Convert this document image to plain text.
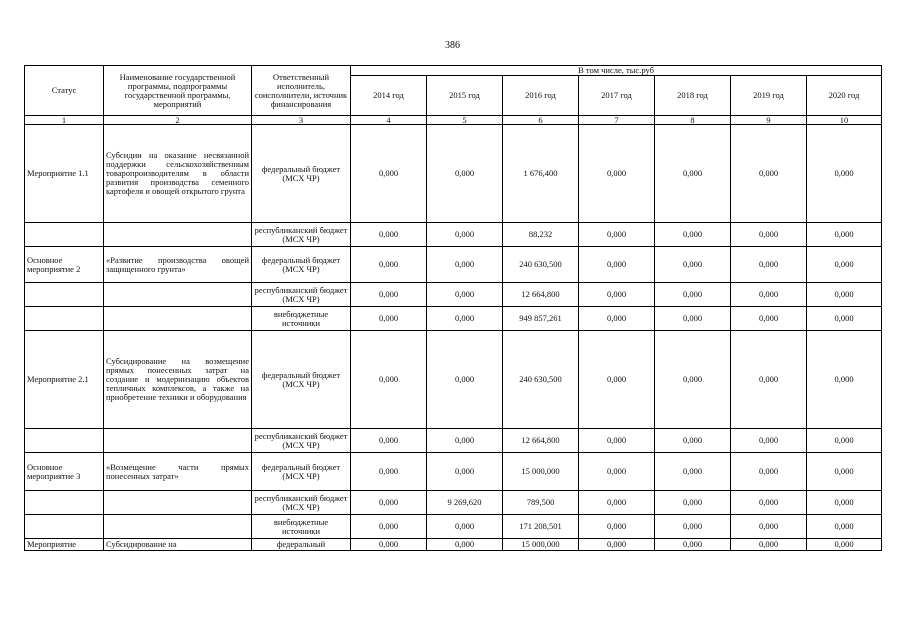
386
Статус	Наименование государственной программы, подпрограммы государственной программы, мероприятий	Ответственный исполнитель, соисполнители, источник финансирования	В том числе, тыс.руб						
			2014 год	2015 год	2016 год	2017 год	2018 год	2019 год	2020 год
1	2	3	4	5	6	7	8	9	10
Мероприятие 1.1	Субсидии на оказание несвязанной поддержки сельскохозяйственным товаропроизводителям в области развития производства семенного картофеля и овощей открытого грунта	федеральный бюджет (МСХ ЧР)	0,000	0,000	1 676,400	0,000	0,000	0,000	0,000
		республиканский бюджет (МСХ ЧР)	0,000	0,000	88,232	0,000	0,000	0,000	0,000
Основное мероприятие 2	«Развитие производства овощей защищенного грунта»	федеральный бюджет (МСХ ЧР)	0,000	0,000	240 630,500	0,000	0,000	0,000	0,000
		республиканский бюджет (МСХ ЧР)	0,000	0,000	12 664,800	0,000	0,000	0,000	0,000
		внебюджетные источники	0,000	0,000	949 857,261	0,000	0,000	0,000	0,000
Мероприятие 2.1	Субсидирование на возмещение прямых понесенных затрат на создание и модернизацию объектов тепличных комплексов, а также на приобретение техники и оборудования	федеральный бюджет (МСХ ЧР)	0,000	0,000	240 630,500	0,000	0,000	0,000	0,000
		республиканский бюджет (МСХ ЧР)	0,000	0,000	12 664,800	0,000	0,000	0,000	0,000
Основное мероприятие 3	«Возмещение части прямых понесенных затрат»	федеральный бюджет (МСХ ЧР)	0,000	0,000	15 000,000	0,000	0,000	0,000	0,000
		республиканский бюджет (МСХ ЧР)	0,000	9 269,620	789,500	0,000	0,000	0,000	0,000
		внебюджетные источники	0,000	0,000	171 208,501	0,000	0,000	0,000	0,000
Мероприятие	Субсидирование на	федеральный	0,000	0,000	15 000,000	0,000	0,000	0,000	0,000
